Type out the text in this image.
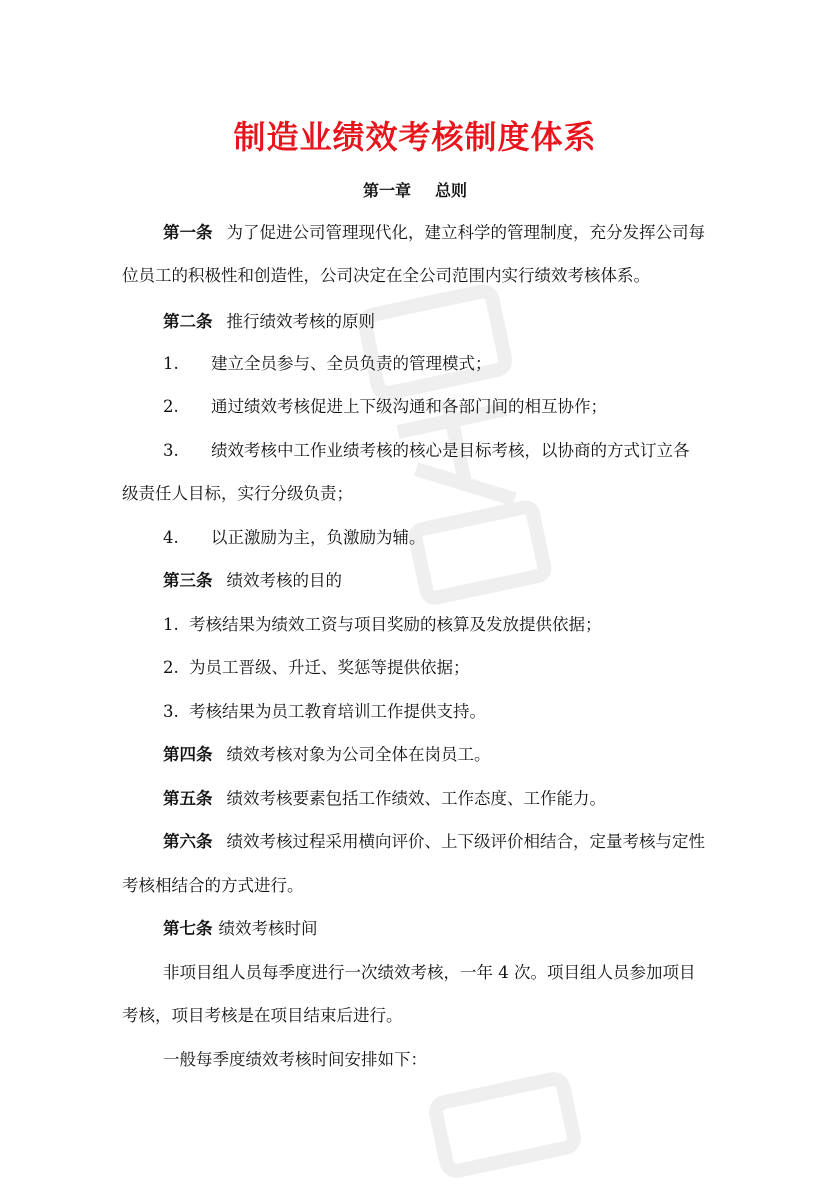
制造业绩效考核制度体系
第一章 总则
第一条 为了促进公司管理现代化，建立科学的管理制度，充分发挥公司每
位员工的积极性和创造性，公司决定在全公司范围内实行绩效考核体系。
第二条 推行绩效考核的原则
1. 建立全员参与、全员负责的管理模式；
2. 通过绩效考核促进上下级沟通和各部门间的相互协作；
3. 绩效考核中工作业绩考核的核心是目标考核，以协商的方式订立各
级责任人目标，实行分级负责；
4. 以正激励为主，负激励为辅。
第三条 绩效考核的目的
1. 考核结果为绩效工资与项目奖励的核算及发放提供依据；
2. 为员工晋级、升迁、奖惩等提供依据；
3. 考核结果为员工教育培训工作提供支持。
第四条 绩效考核对象为公司全体在岗员工。
第五条 绩效考核要素包括工作绩效、工作态度、工作能力。
第六条 绩效考核过程采用横向评价、上下级评价相结合，定量考核与定性
考核相结合的方式进行。
第七条 绩效考核时间
非项目组人员每季度进行一次绩效考核，一年 4 次。项目组人员参加项目
考核，项目考核是在项目结束后进行。
一般每季度绩效考核时间安排如下：
